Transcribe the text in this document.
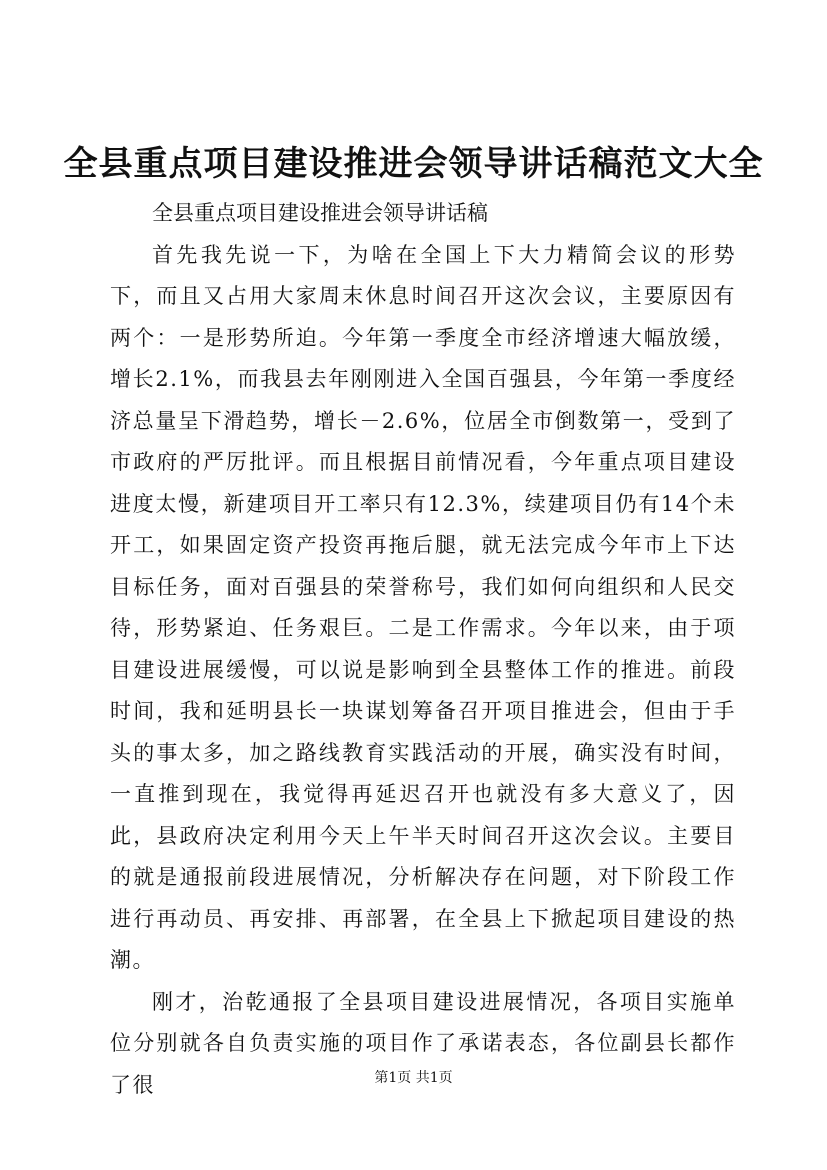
全县重点项目建设推进会领导讲话稿范文大全

全县重点项目建设推进会领导讲话稿

首先我先说一下，为啥在全国上下大力精简会议的形势下，而且又占用大家周末休息时间召开这次会议，主要原因有两个：一是形势所迫。今年第一季度全市经济增速大幅放缓，增长2.1%，而我县去年刚刚进入全国百强县，今年第一季度经济总量呈下滑趋势，增长－2.6%，位居全市倒数第一，受到了市政府的严厉批评。而且根据目前情况看，今年重点项目建设进度太慢，新建项目开工率只有12.3%，续建项目仍有14个未开工，如果固定资产投资再拖后腿，就无法完成今年市上下达目标任务，面对百强县的荣誉称号，我们如何向组织和人民交待，形势紧迫、任务艰巨。二是工作需求。今年以来，由于项目建设进展缓慢，可以说是影响到全县整体工作的推进。前段时间，我和延明县长一块谋划筹备召开项目推进会，但由于手头的事太多，加之路线教育实践活动的开展，确实没有时间，一直推到现在，我觉得再延迟召开也就没有多大意义了，因此，县政府决定利用今天上午半天时间召开这次会议。主要目的就是通报前段进展情况，分析解决存在问题，对下阶段工作进行再动员、再安排、再部署，在全县上下掀起项目建设的热潮。

刚才，治乾通报了全县项目建设进展情况，各项目实施单位分别就各自负责实施的项目作了承诺表态，各位副县长都作了很	第1页 共1页
